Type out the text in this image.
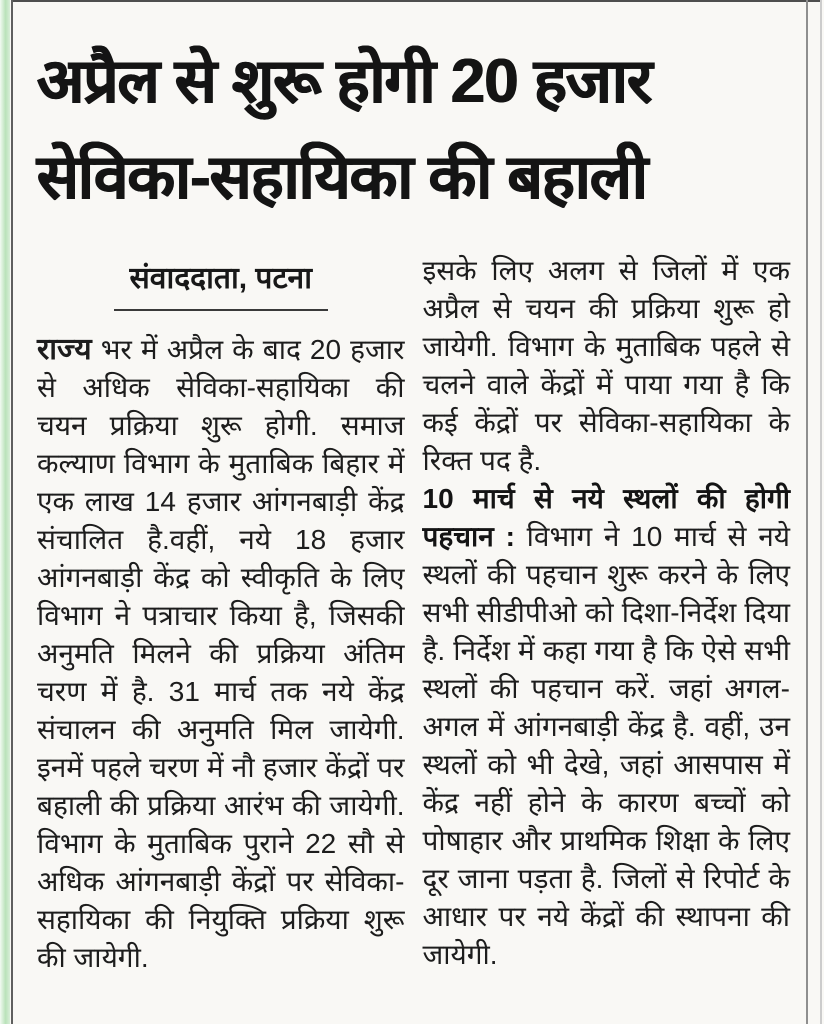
अप्रैल से शुरू होगी 20 हजार
सेविका-सहायिका की बहाली
संवाददाता, पटना

राज्य भर में अप्रैल के बाद 20 हजार से अधिक सेविका-सहायिका की चयन प्रक्रिया शुरू होगी. समाज कल्याण विभाग के मुताबिक बिहार में एक लाख 14 हजार आंगनबाड़ी केंद्र संचालित है.वहीं, नये 18 हजार आंगनबाड़ी केंद्र को स्वीकृति के लिए विभाग ने पत्राचार किया है, जिसकी अनुमति मिलने की प्रक्रिया अंतिम चरण में है. 31 मार्च तक नये केंद्र संचालन की अनुमति मिल जायेगी. इनमें पहले चरण में नौ हजार केंद्रों पर बहाली की प्रक्रिया आरंभ की जायेगी. विभाग के मुताबिक पुराने 22 सौ से अधिक आंगनबाड़ी केंद्रों पर सेविका-सहायिका की नियुक्ति प्रक्रिया शुरू की जायेगी.

इसके लिए अलग से जिलों में एक अप्रैल से चयन की प्रक्रिया शुरू हो जायेगी. विभाग के मुताबिक पहले से चलने वाले केंद्रों में पाया गया है कि कई केंद्रों पर सेविका-सहायिका के रिक्त पद है.

10 मार्च से नये स्थलों की होगी पहचान : विभाग ने 10 मार्च से नये स्थलों की पहचान शुरू करने के लिए सभी सीडीपीओ को दिशा-निर्देश दिया है. निर्देश में कहा गया है कि ऐसे सभी स्थलों की पहचान करें. जहां अगल-अगल में आंगनबाड़ी केंद्र है. वहीं, उन स्थलों को भी देखे, जहां आसपास में केंद्र नहीं होने के कारण बच्चों को पोषाहार और प्राथमिक शिक्षा के लिए दूर जाना पड़ता है. जिलों से रिपोर्ट के आधार पर नये केंद्रों की स्थापना की जायेगी.
